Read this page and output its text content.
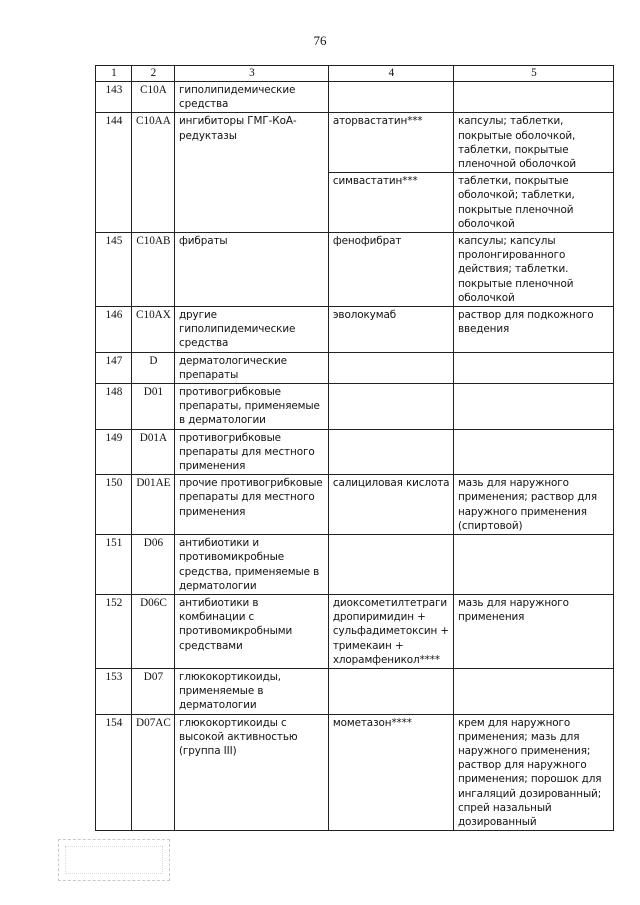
76
1	2	3	4	5
143	C10A	гиполипидемические средства		
144	C10AA	ингибиторы ГМГ-КоА-редуктазы	аторвастатин***	капсулы; таблетки, покрытые оболочкой, таблетки, покрытые пленочной оболочкой
			симвастатин***	таблетки, покрытые оболочкой; таблетки, покрытые пленочной оболочкой
145	C10AB	фибраты	фенофибрат	капсулы; капсулы пролонгированного действия; таблетки. покрытые пленочной оболочкой
146	C10AX	другие гиполипидемические средства	эволокумаб	раствор для подкожного введения
147	D	дерматологические препараты		
148	D01	противогрибковые препараты, применяемые в дерматологии		
149	D01A	противогрибковые препараты для местного применения		
150	D01AE	прочие противогрибковые препараты для местного применения	салициловая кислота	мазь для наружного применения; раствор для наружного применения (спиртовой)
151	D06	антибиотики и противомикробные средства, применяемые в дерматологии		
152	D06C	антибиотики в комбинации с противомикробными средствами	диоксометилтетраги дропиримидин + сульфадиметоксин + тримекаин + хлорамфеникол****	мазь для наружного применения
153	D07	глюкокортикоиды, применяемые в дерматологии		
154	D07AC	глюкокортикоиды с высокой активностью (группа III)	мометазон****	крем для наружного применения; мазь для наружного применения; раствор для наружного применения; порошок для ингаляций дозированный; спрей назальный дозированный
